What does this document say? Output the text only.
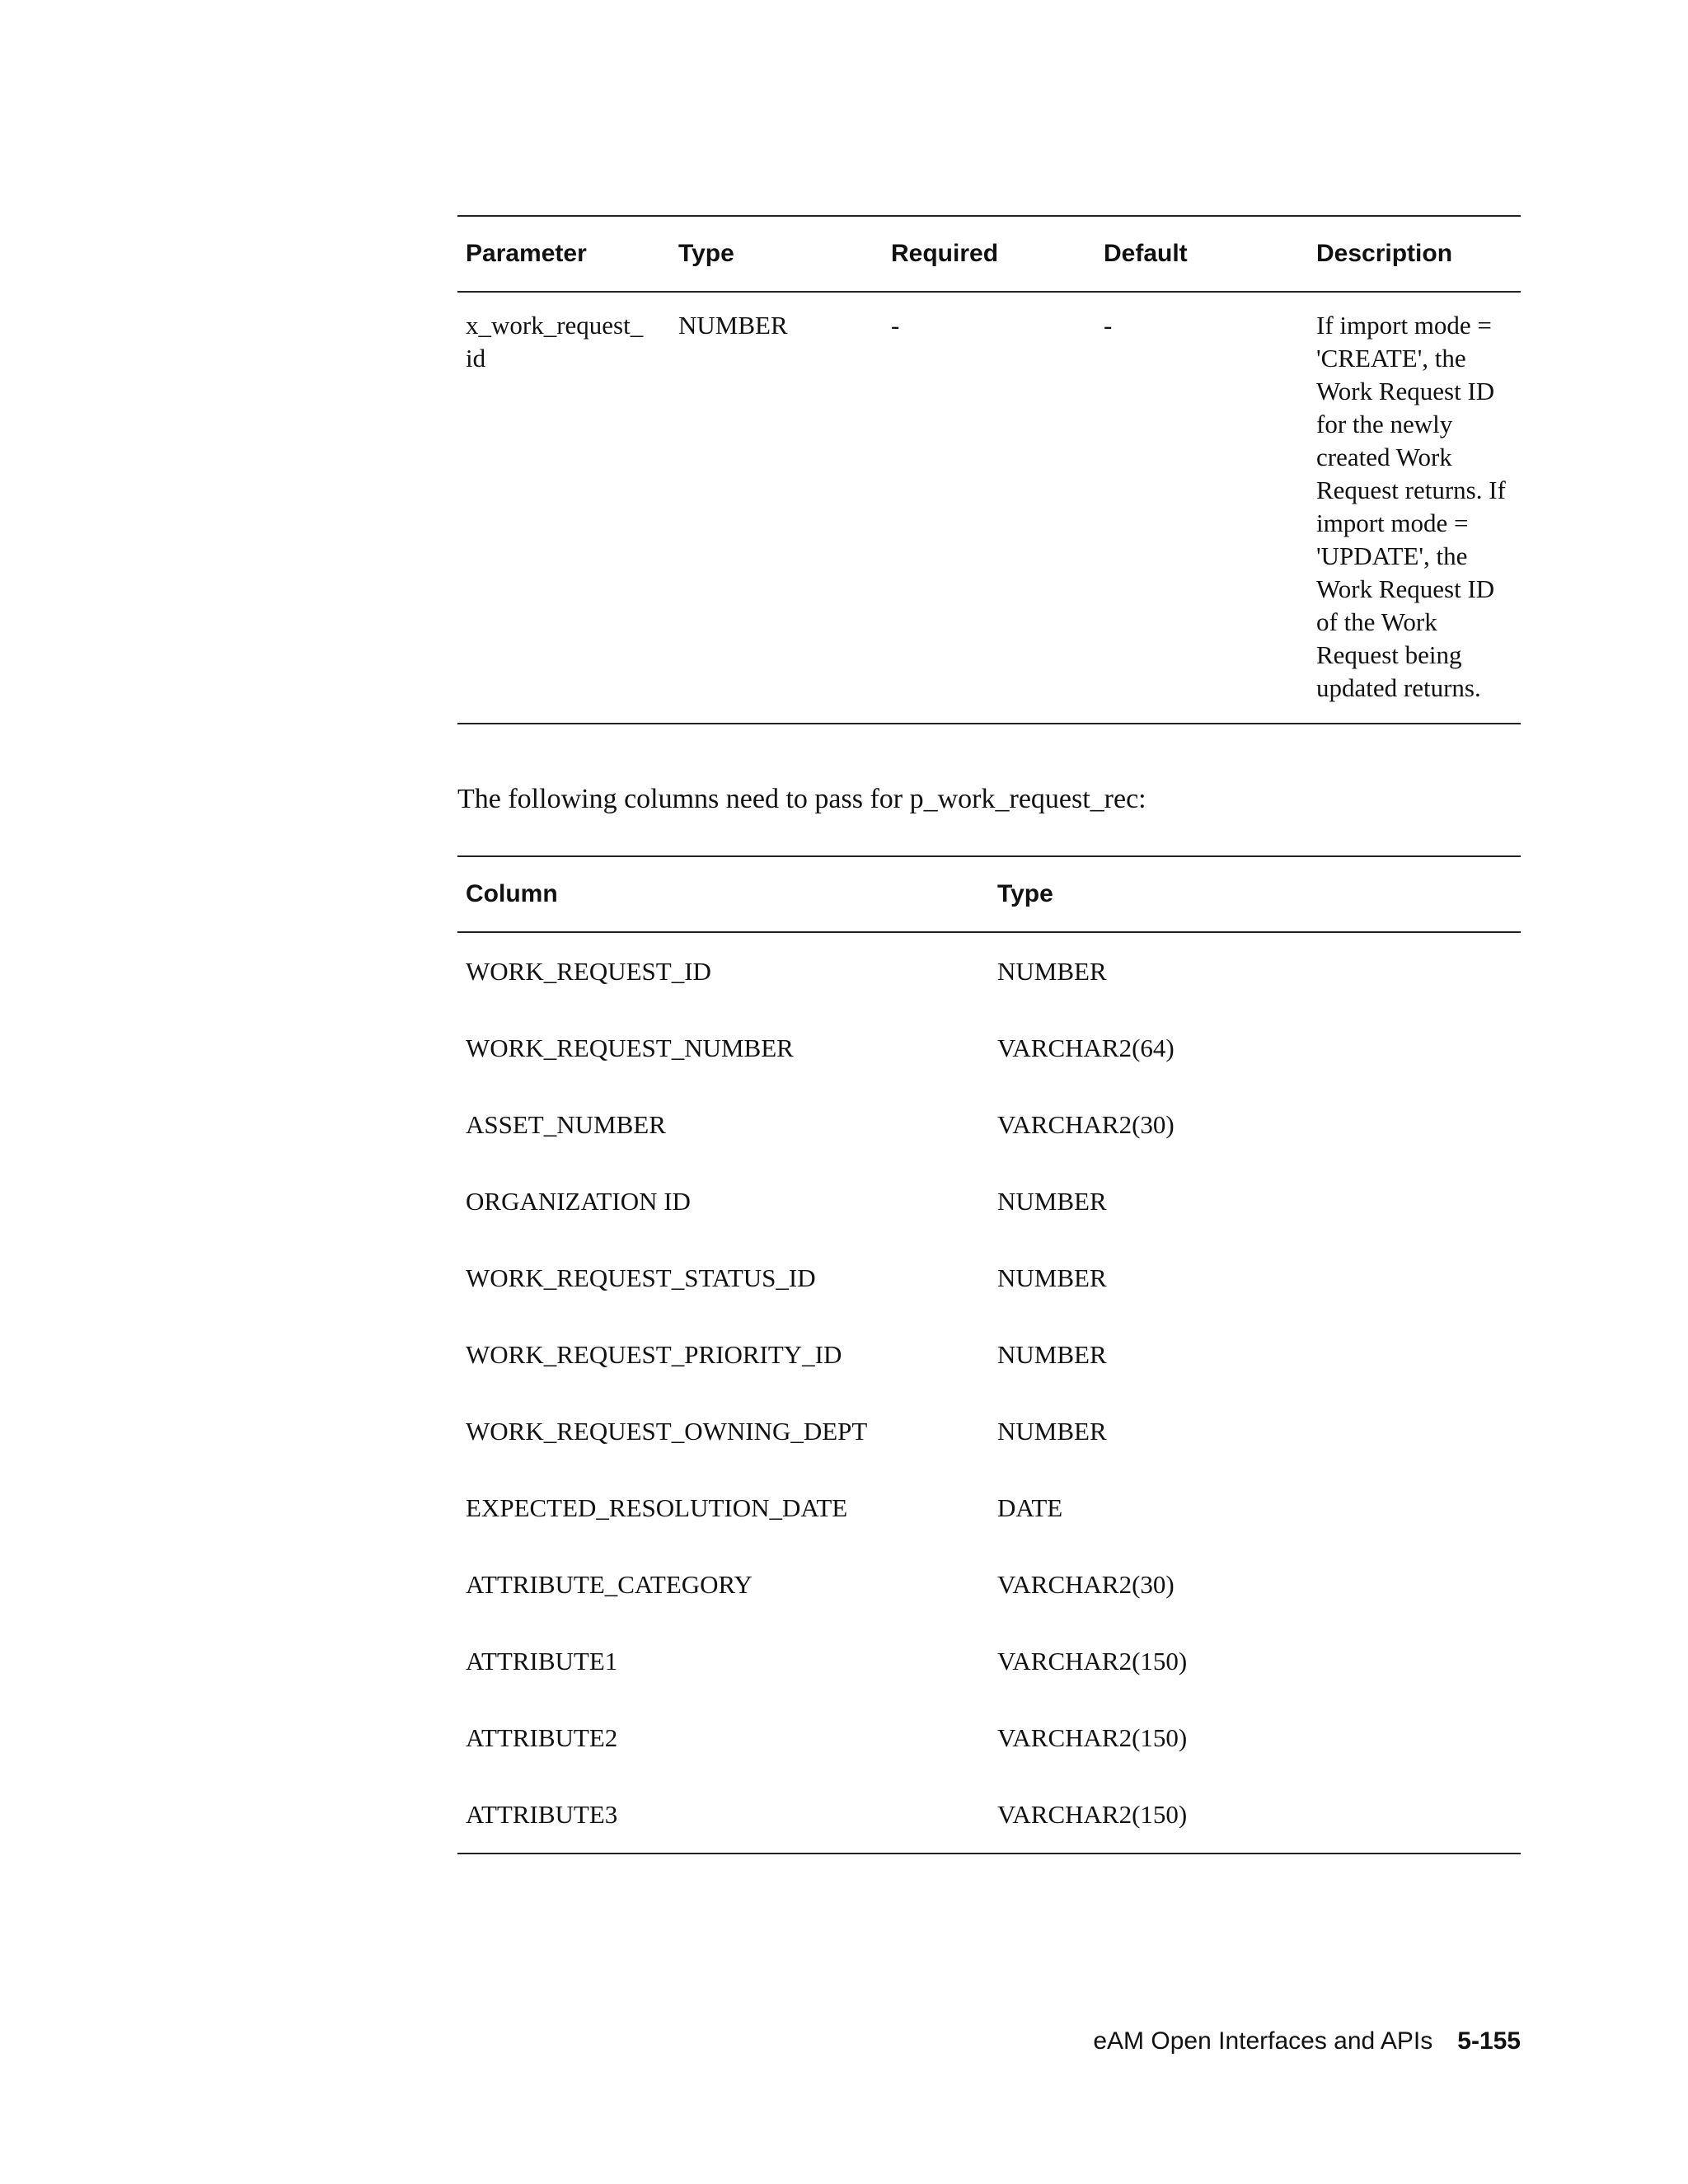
Parameter	Type	Required	Default	Description
x_work_request_ id	NUMBER	-	-	If import mode = 'CREATE', the Work Request ID for the newly created Work Request returns. If import mode = 'UPDATE', the Work Request ID of the Work Request being updated returns.

The following columns need to pass for p_work_request_rec:

Column	Type
WORK_REQUEST_ID	NUMBER
WORK_REQUEST_NUMBER	VARCHAR2(64)
ASSET_NUMBER	VARCHAR2(30)
ORGANIZATION ID	NUMBER
WORK_REQUEST_STATUS_ID	NUMBER
WORK_REQUEST_PRIORITY_ID	NUMBER
WORK_REQUEST_OWNING_DEPT	NUMBER
EXPECTED_RESOLUTION_DATE	DATE
ATTRIBUTE_CATEGORY	VARCHAR2(30)
ATTRIBUTE1	VARCHAR2(150)
ATTRIBUTE2	VARCHAR2(150)
ATTRIBUTE3	VARCHAR2(150)
eAM Open Interfaces and APIs 5-155
